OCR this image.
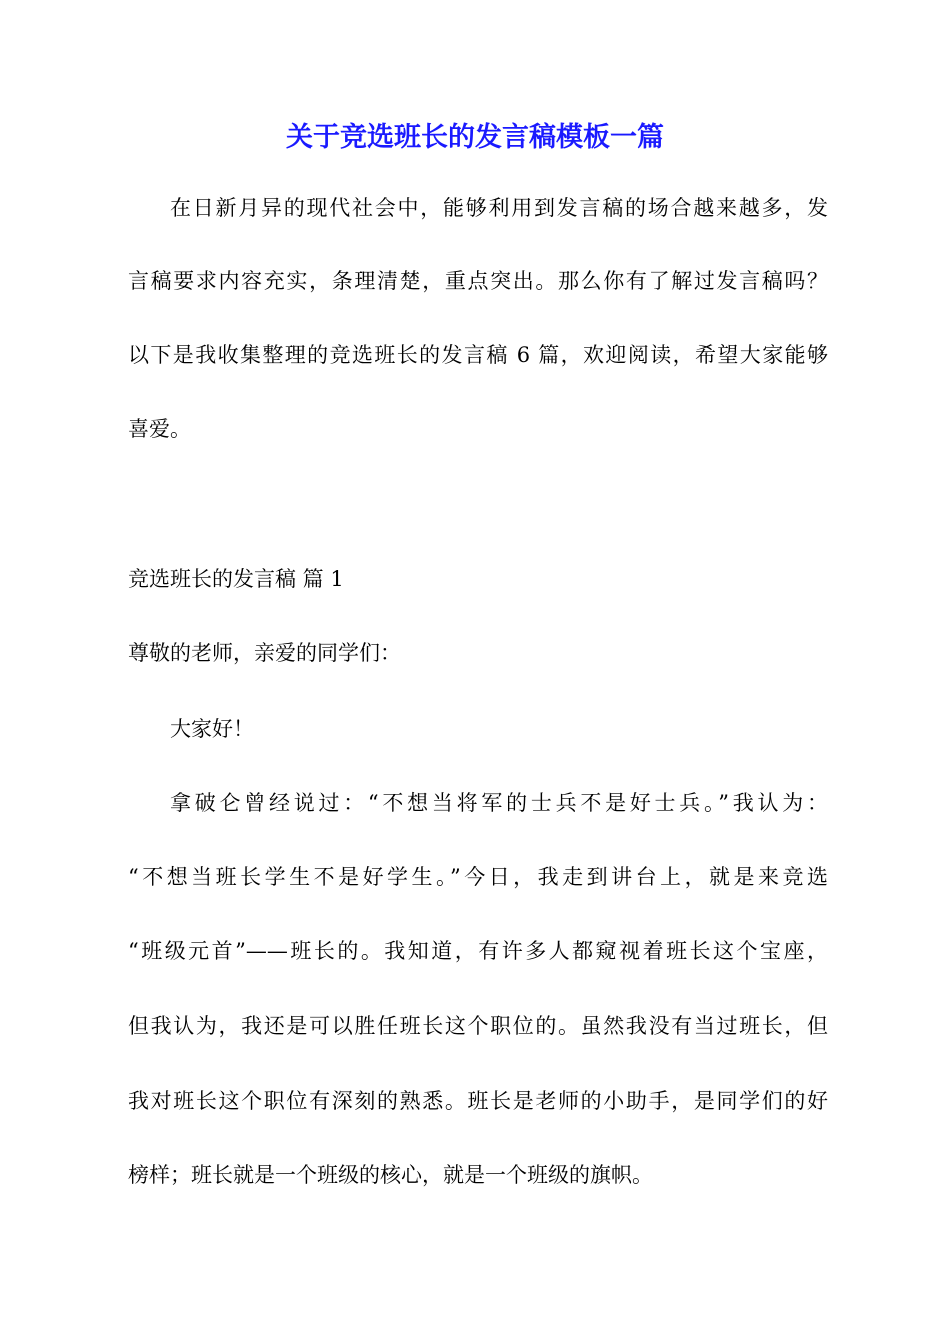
关于竞选班长的发言稿模板一篇
在日新月异的现代社会中，能够利用到发言稿的场合越来越多，发
言稿要求内容充实，条理清楚，重点突出。那么你有了解过发言稿吗？
以下是我收集整理的竞选班长的发言稿 6 篇，欢迎阅读，希望大家能够
喜爱。
竞选班长的发言稿 篇 1
尊敬的老师，亲爱的同学们：
大家好！
拿破仑曾经说过：“不想当将军的士兵不是好士兵。”我认为：
“不想当班长学生不是好学生。”今日，我走到讲台上，就是来竞选
“班级元首”——班长的。我知道，有许多人都窥视着班长这个宝座，
但我认为，我还是可以胜任班长这个职位的。虽然我没有当过班长，但
我对班长这个职位有深刻的熟悉。班长是老师的小助手，是同学们的好
榜样；班长就是一个班级的核心，就是一个班级的旗帜。
